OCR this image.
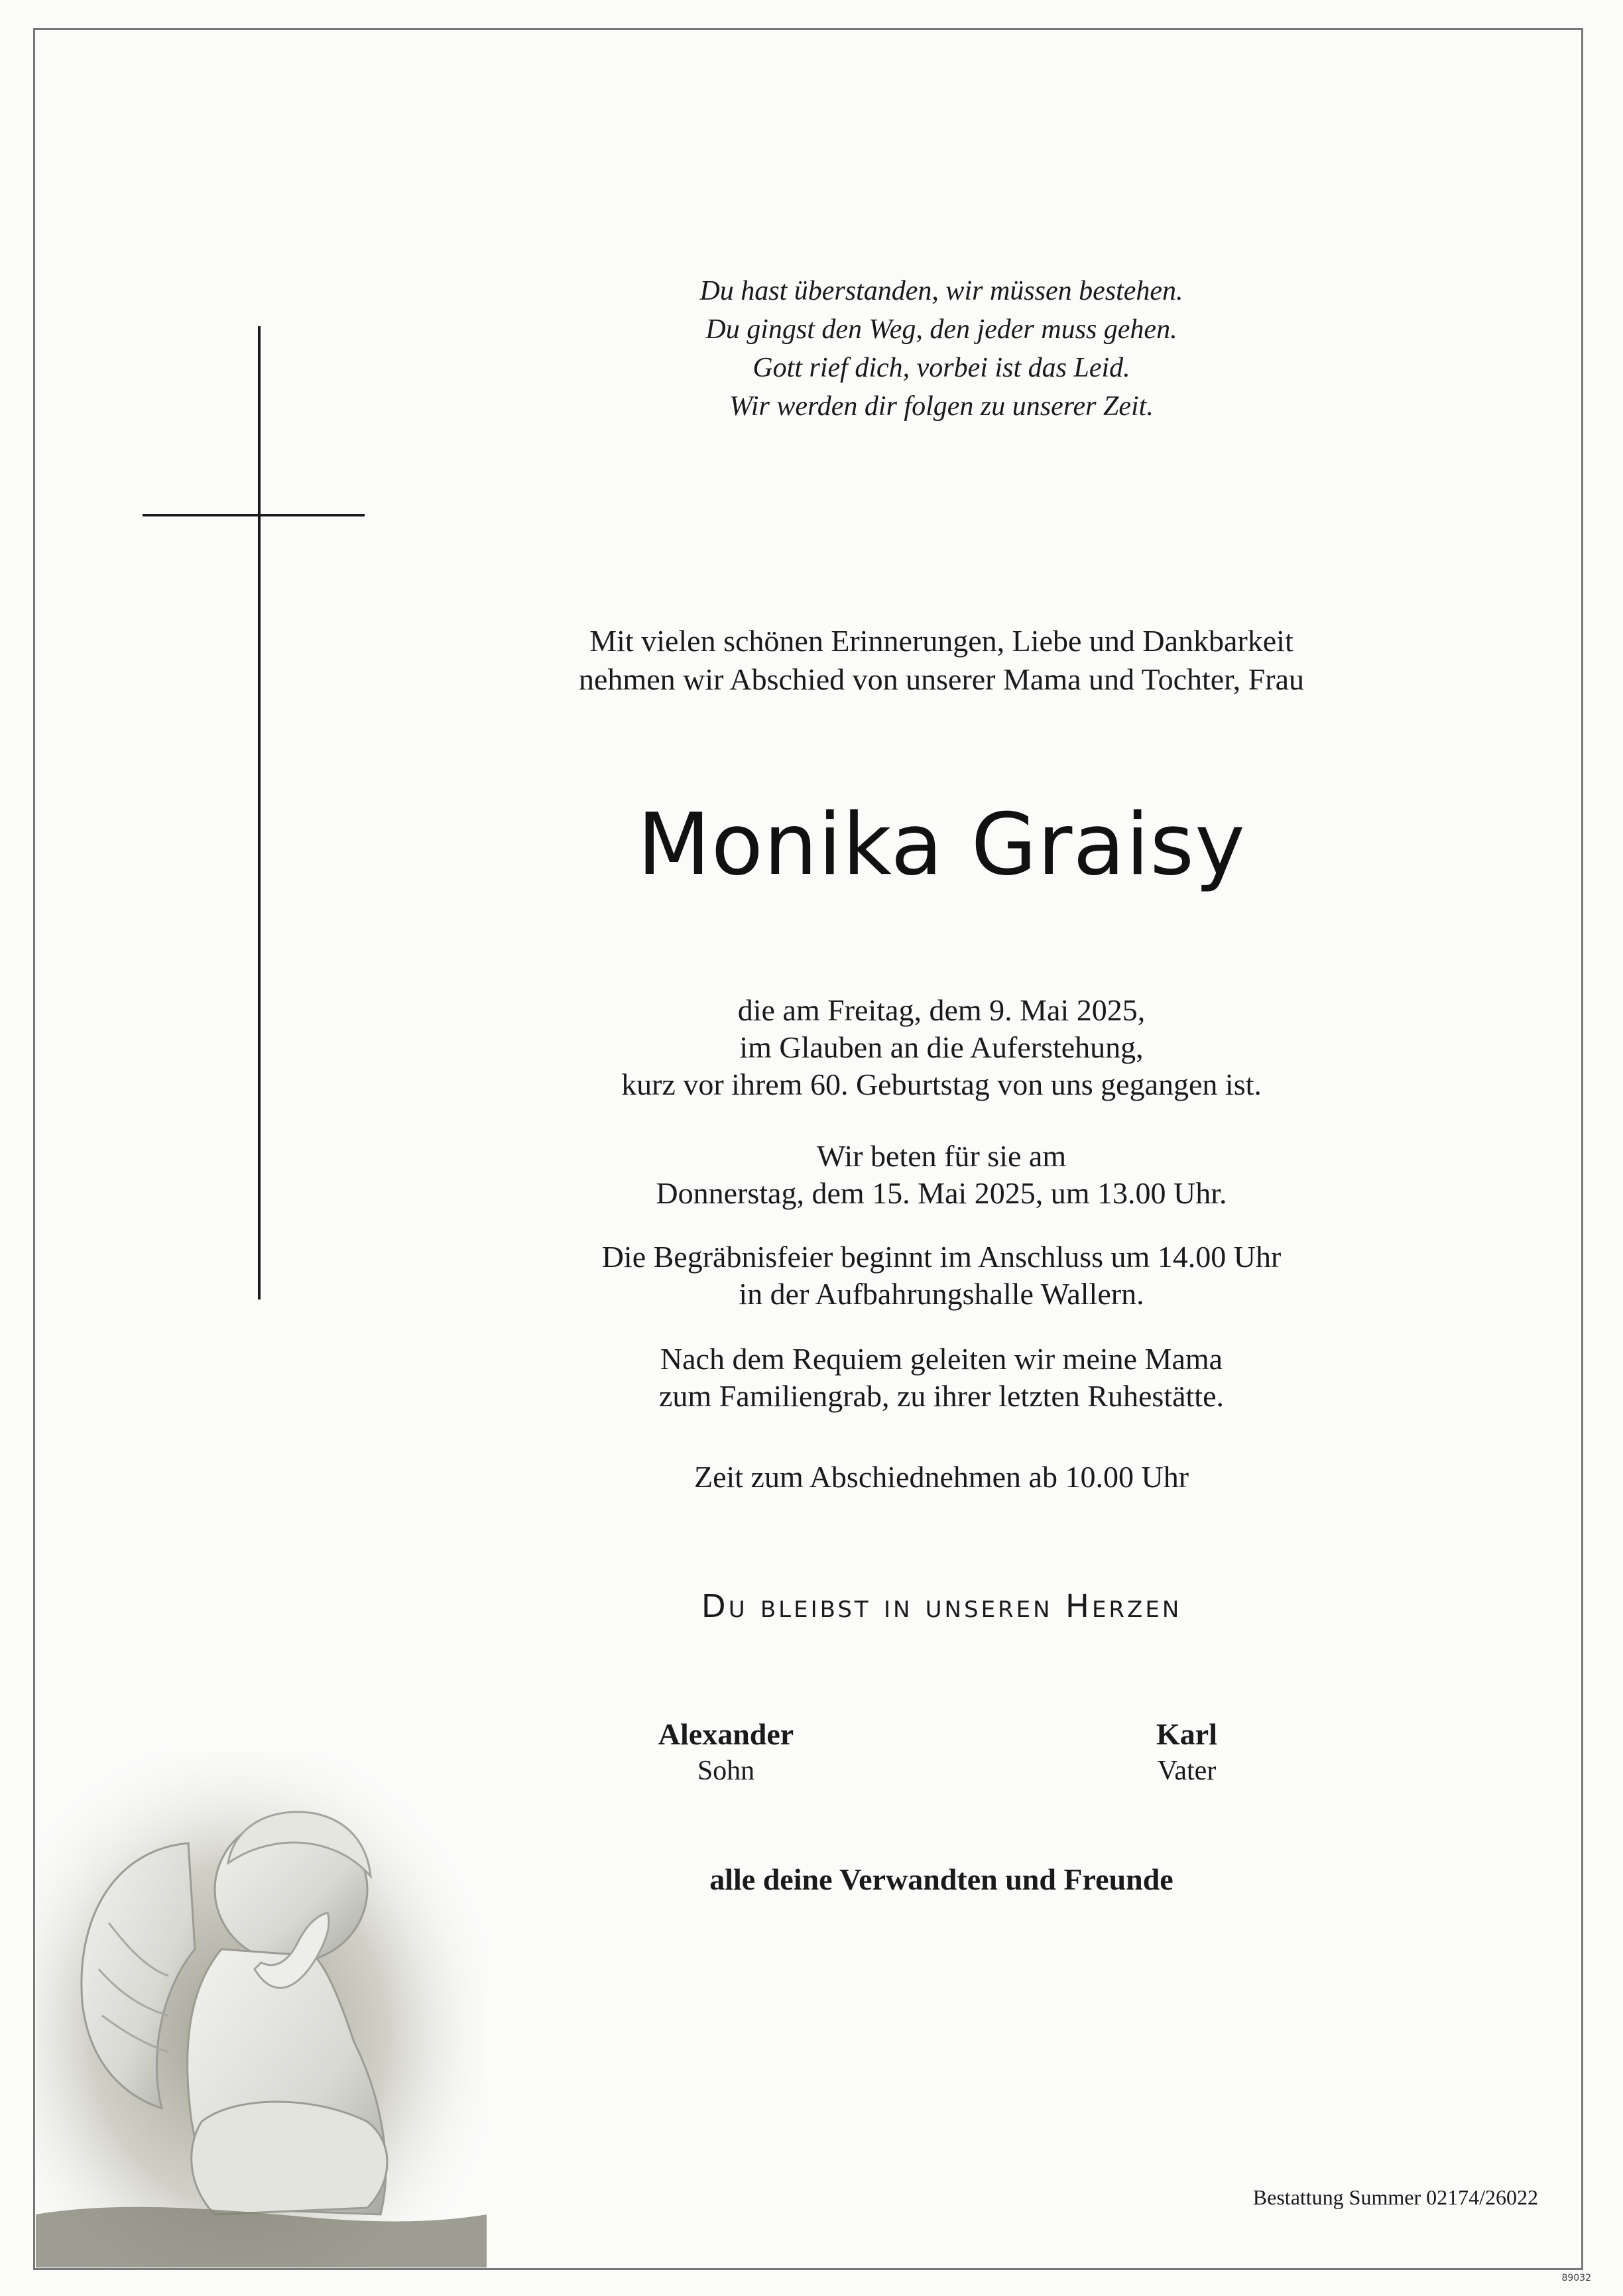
Du hast überstanden, wir müssen bestehen.
Du gingst den Weg, den jeder muss gehen.
Gott rief dich, vorbei ist das Leid.
Wir werden dir folgen zu unserer Zeit.
Mit vielen schönen Erinnerungen, Liebe und Dankbarkeit
nehmen wir Abschied von unserer Mama und Tochter, Frau
Monika Graisy
die am Freitag, dem 9. Mai 2025,
im Glauben an die Auferstehung,
kurz vor ihrem 60. Geburtstag von uns gegangen ist.
Wir beten für sie am
Donnerstag, dem 15. Mai 2025, um 13.00 Uhr.
Die Begräbnisfeier beginnt im Anschluss um 14.00 Uhr
in der Aufbahrungshalle Wallern.
Nach dem Requiem geleiten wir meine Mama
zum Familiengrab, zu ihrer letzten Ruhestätte.
Zeit zum Abschiednehmen ab 10.00 Uhr
Du bleibst in unseren Herzen
Alexander
Sohn
Karl
Vater
alle deine Verwandten und Freunde
Bestattung Summer 02174/26022
89032
